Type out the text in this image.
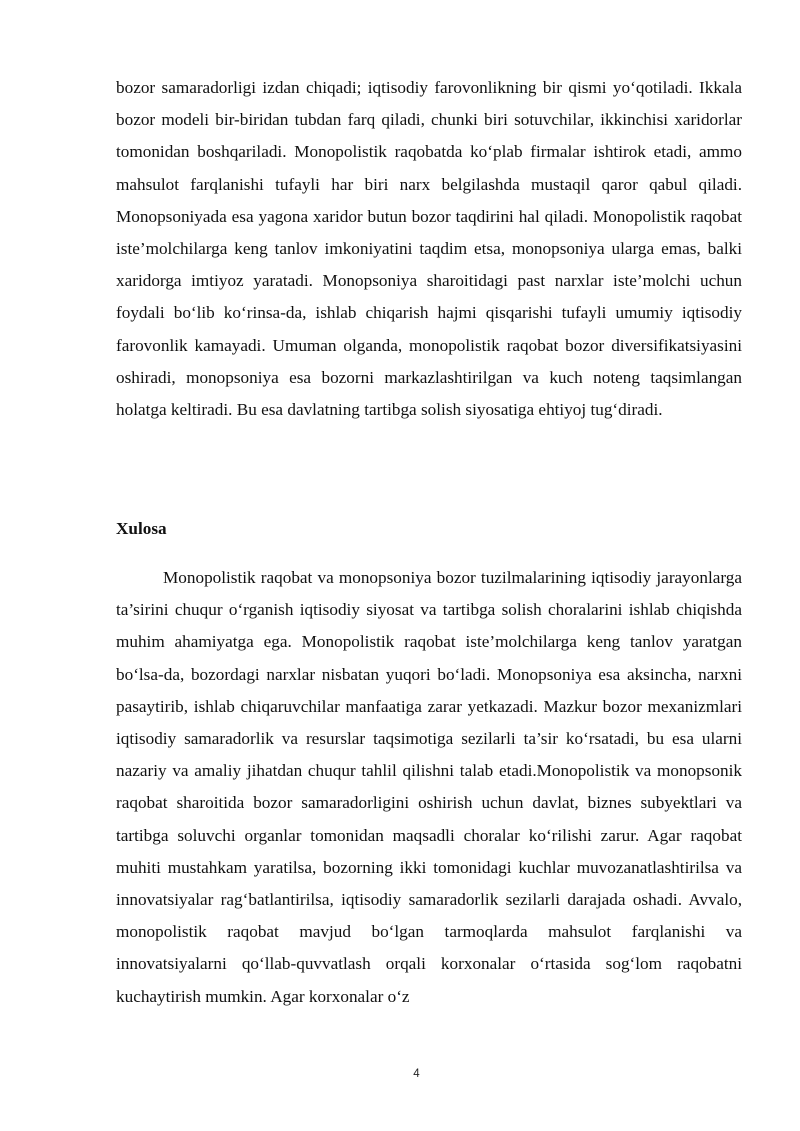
bozor samaradorligi izdan chiqadi; iqtisodiy farovonlikning bir qismi yo‘qotiladi. Ikkala bozor modeli bir-biridan tubdan farq qiladi, chunki biri sotuvchilar, ikkinchisi xaridorlar tomonidan boshqariladi. Monopolistik raqobatda ko‘plab firmalar ishtirok etadi, ammo mahsulot farqlanishi tufayli har biri narx belgilashda mustaqil qaror qabul qiladi. Monopsoniyada esa yagona xaridor butun bozor taqdirini hal qiladi. Monopolistik raqobat iste’molchilarga keng tanlov imkoniyatini taqdim etsa, monopsoniya ularga emas, balki xaridorga imtiyoz yaratadi. Monopsoniya sharoitidagi past narxlar iste’molchi uchun foydali bo‘lib ko‘rinsa-da, ishlab chiqarish hajmi qisqarishi tufayli umumiy iqtisodiy farovonlik kamayadi. Umuman olganda, monopolistik raqobat bozor diversifikatsiyasini oshiradi, monopsoniya esa bozorni markazlashtirilgan va kuch noteng taqsimlangan holatga keltiradi. Bu esa davlatning tartibga solish siyosatiga ehtiyoj tug‘diradi.

Xulosa

Monopolistik raqobat va monopsoniya bozor tuzilmalarining iqtisodiy jarayonlarga ta’sirini chuqur o‘rganish iqtisodiy siyosat va tartibga solish choralarini ishlab chiqishda muhim ahamiyatga ega. Monopolistik raqobat iste’molchilarga keng tanlov yaratgan bo‘lsa-da, bozordagi narxlar nisbatan yuqori bo‘ladi. Monopsoniya esa aksincha, narxni pasaytirib, ishlab chiqaruvchilar manfaatiga zarar yetkazadi. Mazkur bozor mexanizmlari iqtisodiy samaradorlik va resurslar taqsimotiga sezilarli ta’sir ko‘rsatadi, bu esa ularni nazariy va amaliy jihatdan chuqur tahlil qilishni talab etadi.Monopolistik va monopsonik raqobat sharoitida bozor samaradorligini oshirish uchun davlat, biznes subyektlari va tartibga soluvchi organlar tomonidan maqsadli choralar ko‘rilishi zarur. Agar raqobat muhiti mustahkam yaratilsa, bozorning ikki tomonidagi kuchlar muvozanatlashtirilsa va innovatsiyalar rag‘batlantirilsa, iqtisodiy samaradorlik sezilarli darajada oshadi. Avvalo, monopolistik raqobat mavjud bo‘lgan tarmoqlarda mahsulot farqlanishi va innovatsiyalarni qo‘llab-quvvatlash orqali korxonalar o‘rtasida sog‘lom raqobatni kuchaytirish mumkin. Agar korxonalar o‘z

4
